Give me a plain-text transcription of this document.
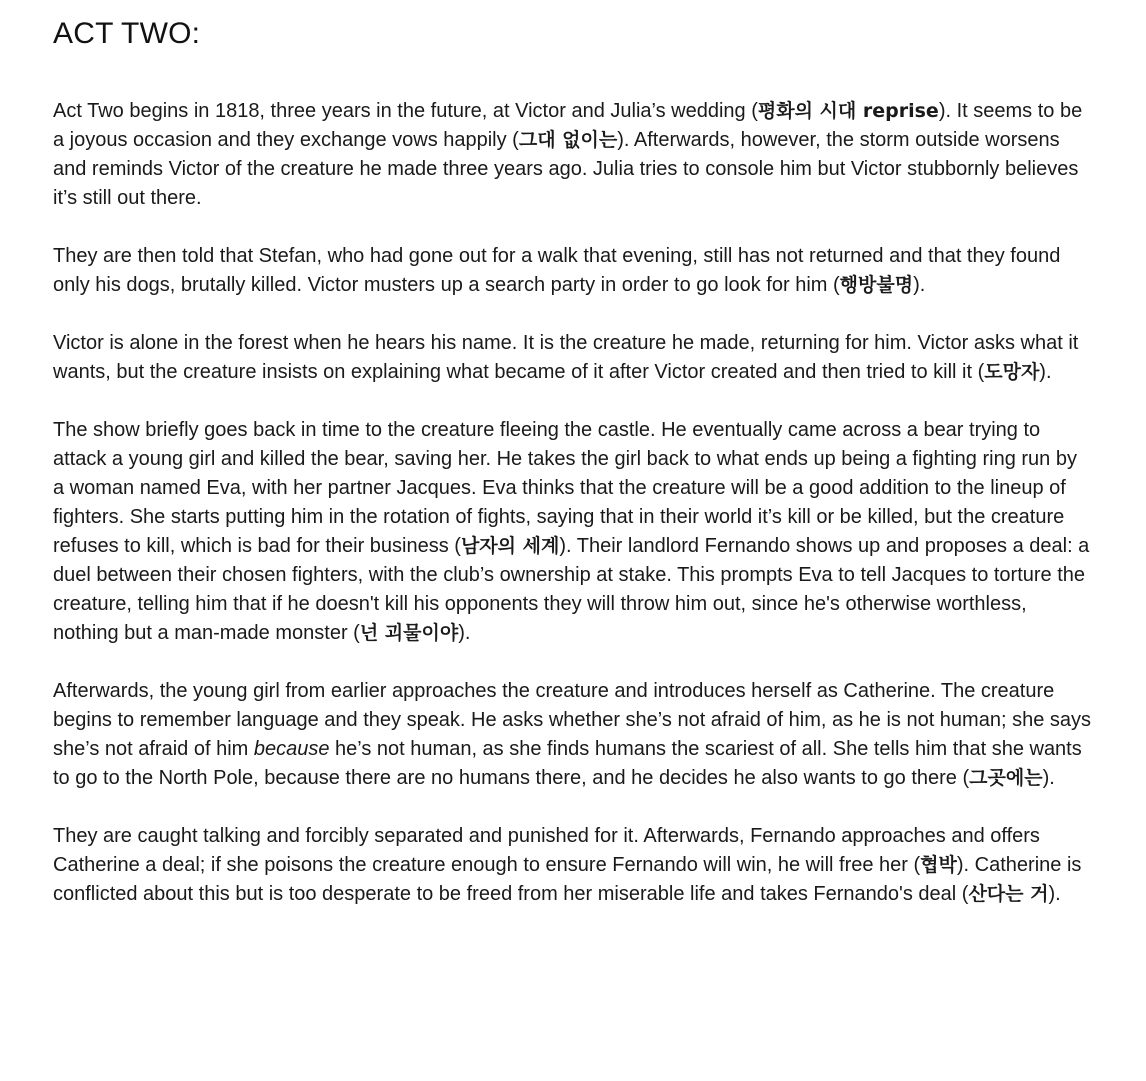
ACT TWO:

Act Two begins in 1818, three years in the future, at Victor and Julia’s wedding (평화의 시대 reprise). It seems to be a joyous occasion and they exchange vows happily (그대 없이는). Afterwards, however, the storm outside worsens and reminds Victor of the creature he made three years ago. Julia tries to console him but Victor stubbornly believes it’s still out there.

They are then told that Stefan, who had gone out for a walk that evening, still has not returned and that they found only his dogs, brutally killed. Victor musters up a search party in order to go look for him (행방불명).

Victor is alone in the forest when he hears his name. It is the creature he made, returning for him. Victor asks what it wants, but the creature insists on explaining what became of it after Victor created and then tried to kill it (도망자).

The show briefly goes back in time to the creature fleeing the castle. He eventually came across a bear trying to attack a young girl and killed the bear, saving her. He takes the girl back to what ends up being a fighting ring run by a woman named Eva, with her partner Jacques. Eva thinks that the creature will be a good addition to the lineup of fighters. She starts putting him in the rotation of fights, saying that in their world it’s kill or be killed, but the creature refuses to kill, which is bad for their business (남자의 세계). Their landlord Fernando shows up and proposes a deal: a duel between their chosen fighters, with the club’s ownership at stake. This prompts Eva to tell Jacques to torture the creature, telling him that if he doesn't kill his opponents they will throw him out, since he's otherwise worthless, nothing but a man-made monster (넌 괴물이야).

Afterwards, the young girl from earlier approaches the creature and introduces herself as Catherine. The creature begins to remember language and they speak. He asks whether she’s not afraid of him, as he is not human; she says she’s not afraid of him because he’s not human, as she finds humans the scariest of all. She tells him that she wants to go to the North Pole, because there are no humans there, and he decides he also wants to go there (그곳에는).

They are caught talking and forcibly separated and punished for it. Afterwards, Fernando approaches and offers Catherine a deal; if she poisons the creature enough to ensure Fernando will win, he will free her (협박). Catherine is conflicted about this but is too desperate to be freed from her miserable life and takes Fernando's deal (산다는 거).
